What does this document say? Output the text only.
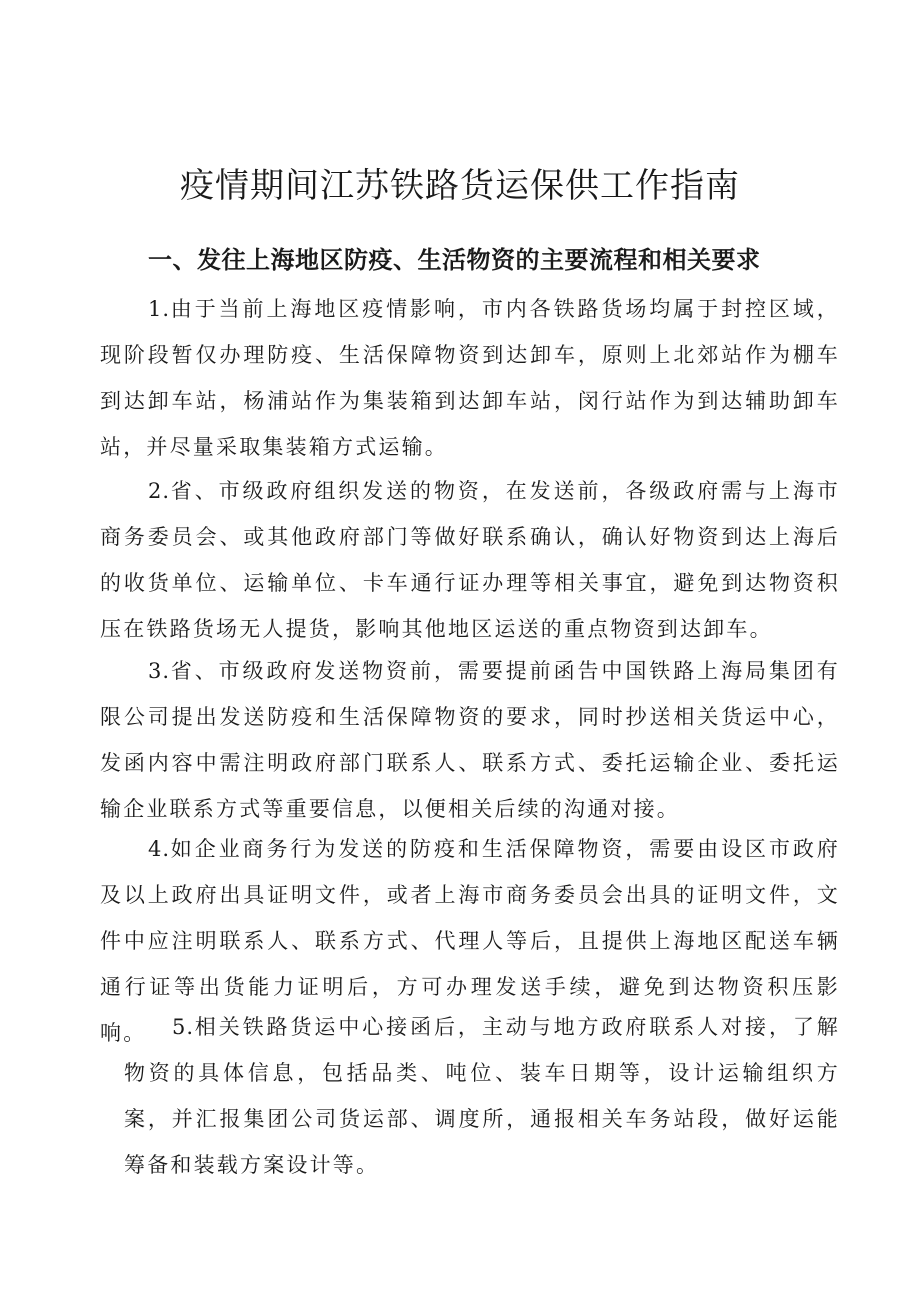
疫情期间江苏铁路货运保供工作指南
一、发往上海地区防疫、生活物资的主要流程和相关要求

1.由于当前上海地区疫情影响，市内各铁路货场均属于封控区域，现阶段暂仅办理防疫、生活保障物资到达卸车，原则上北郊站作为棚车到达卸车站，杨浦站作为集装箱到达卸车站，闵行站作为到达辅助卸车站，并尽量采取集装箱方式运输。

2.省、市级政府组织发送的物资，在发送前，各级政府需与上海市商务委员会、或其他政府部门等做好联系确认，确认好物资到达上海后的收货单位、运输单位、卡车通行证办理等相关事宜，避免到达物资积压在铁路货场无人提货，影响其他地区运送的重点物资到达卸车。

3.省、市级政府发送物资前，需要提前函告中国铁路上海局集团有限公司提出发送防疫和生活保障物资的要求，同时抄送相关货运中心，发函内容中需注明政府部门联系人、联系方式、委托运输企业、委托运输企业联系方式等重要信息，以便相关后续的沟通对接。

4.如企业商务行为发送的防疫和生活保障物资，需要由设区市政府及以上政府出具证明文件，或者上海市商务委员会出具的证明文件，文件中应注明联系人、联系方式、代理人等后，且提供上海地区配送车辆通行证等出货能力证明后，方可办理发送手续，避免到达物资积压影响。	5.相关铁路货运中心接函后，主动与地方政府联系人对接，了解物资的具体信息，包括品类、吨位、装车日期等，设计运输组织方案，并汇报集团公司货运部、调度所，通报相关车务站段，做好运能筹备和装载方案设计等。
